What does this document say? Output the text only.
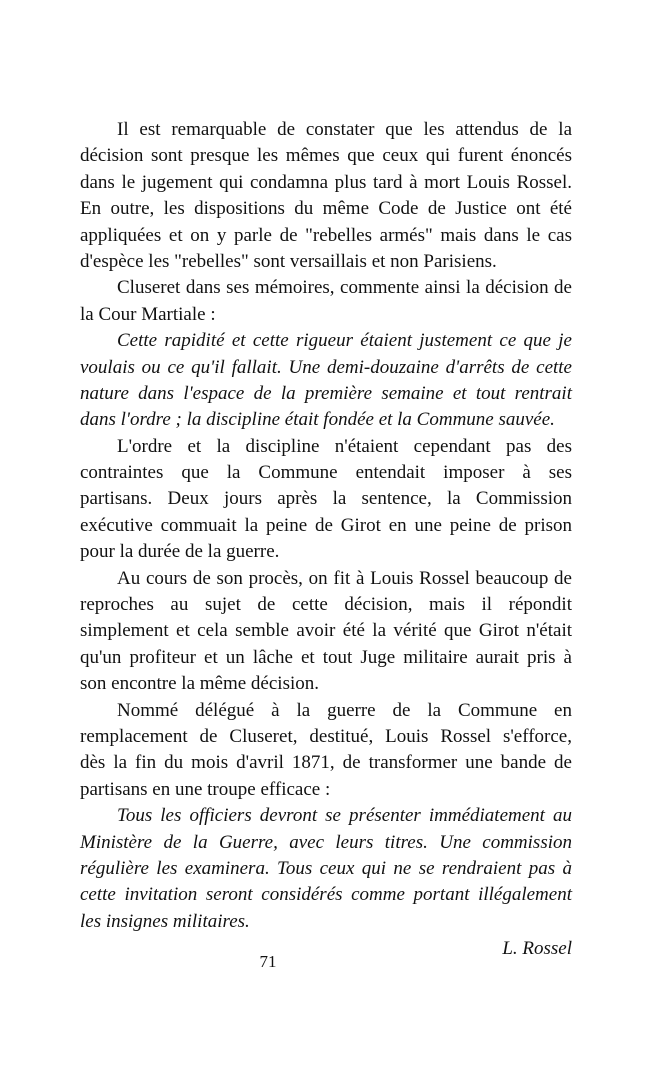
Il est remarquable de constater que les attendus de la
décision sont presque les mêmes que ceux qui furent énoncés
dans le jugement qui condamna plus tard à mort Louis Rossel.
En outre, les dispositions du même Code de Justice ont été
appliquées et on y parle de "rebelles armés" mais dans le cas
d'espèce les "rebelles" sont versaillais et non Parisiens.
Cluseret dans ses mémoires, commente ainsi la décision de
la Cour Martiale :
Cette rapidité et cette rigueur étaient justement ce que je
voulais ou ce qu'il fallait. Une demi-douzaine d'arrêts de cette
nature dans l'espace de la première semaine et tout rentrait
dans l'ordre ; la discipline était fondée et la Commune sauvée.
L'ordre et la discipline n'étaient cependant pas des
contraintes que la Commune entendait imposer à ses
partisans. Deux jours après la sentence, la Commission
exécutive commuait la peine de Girot en une peine de prison
pour la durée de la guerre.
Au cours de son procès, on fit à Louis Rossel beaucoup de
reproches au sujet de cette décision, mais il répondit
simplement et cela semble avoir été la vérité que Girot n'était
qu'un profiteur et un lâche et tout Juge militaire aurait pris à
son encontre la même décision.
Nommé délégué à la guerre de la Commune en
remplacement de Cluseret, destitué, Louis Rossel s'efforce,
dès la fin du mois d'avril 1871, de transformer une bande de
partisans en une troupe efficace :
Tous les officiers devront se présenter immédiatement au
Ministère de la Guerre, avec leurs titres. Une commission
régulière les examinera. Tous ceux qui ne se rendraient pas à
cette invitation seront considérés comme portant illégalement
les insignes militaires.
L. Rossel
71
